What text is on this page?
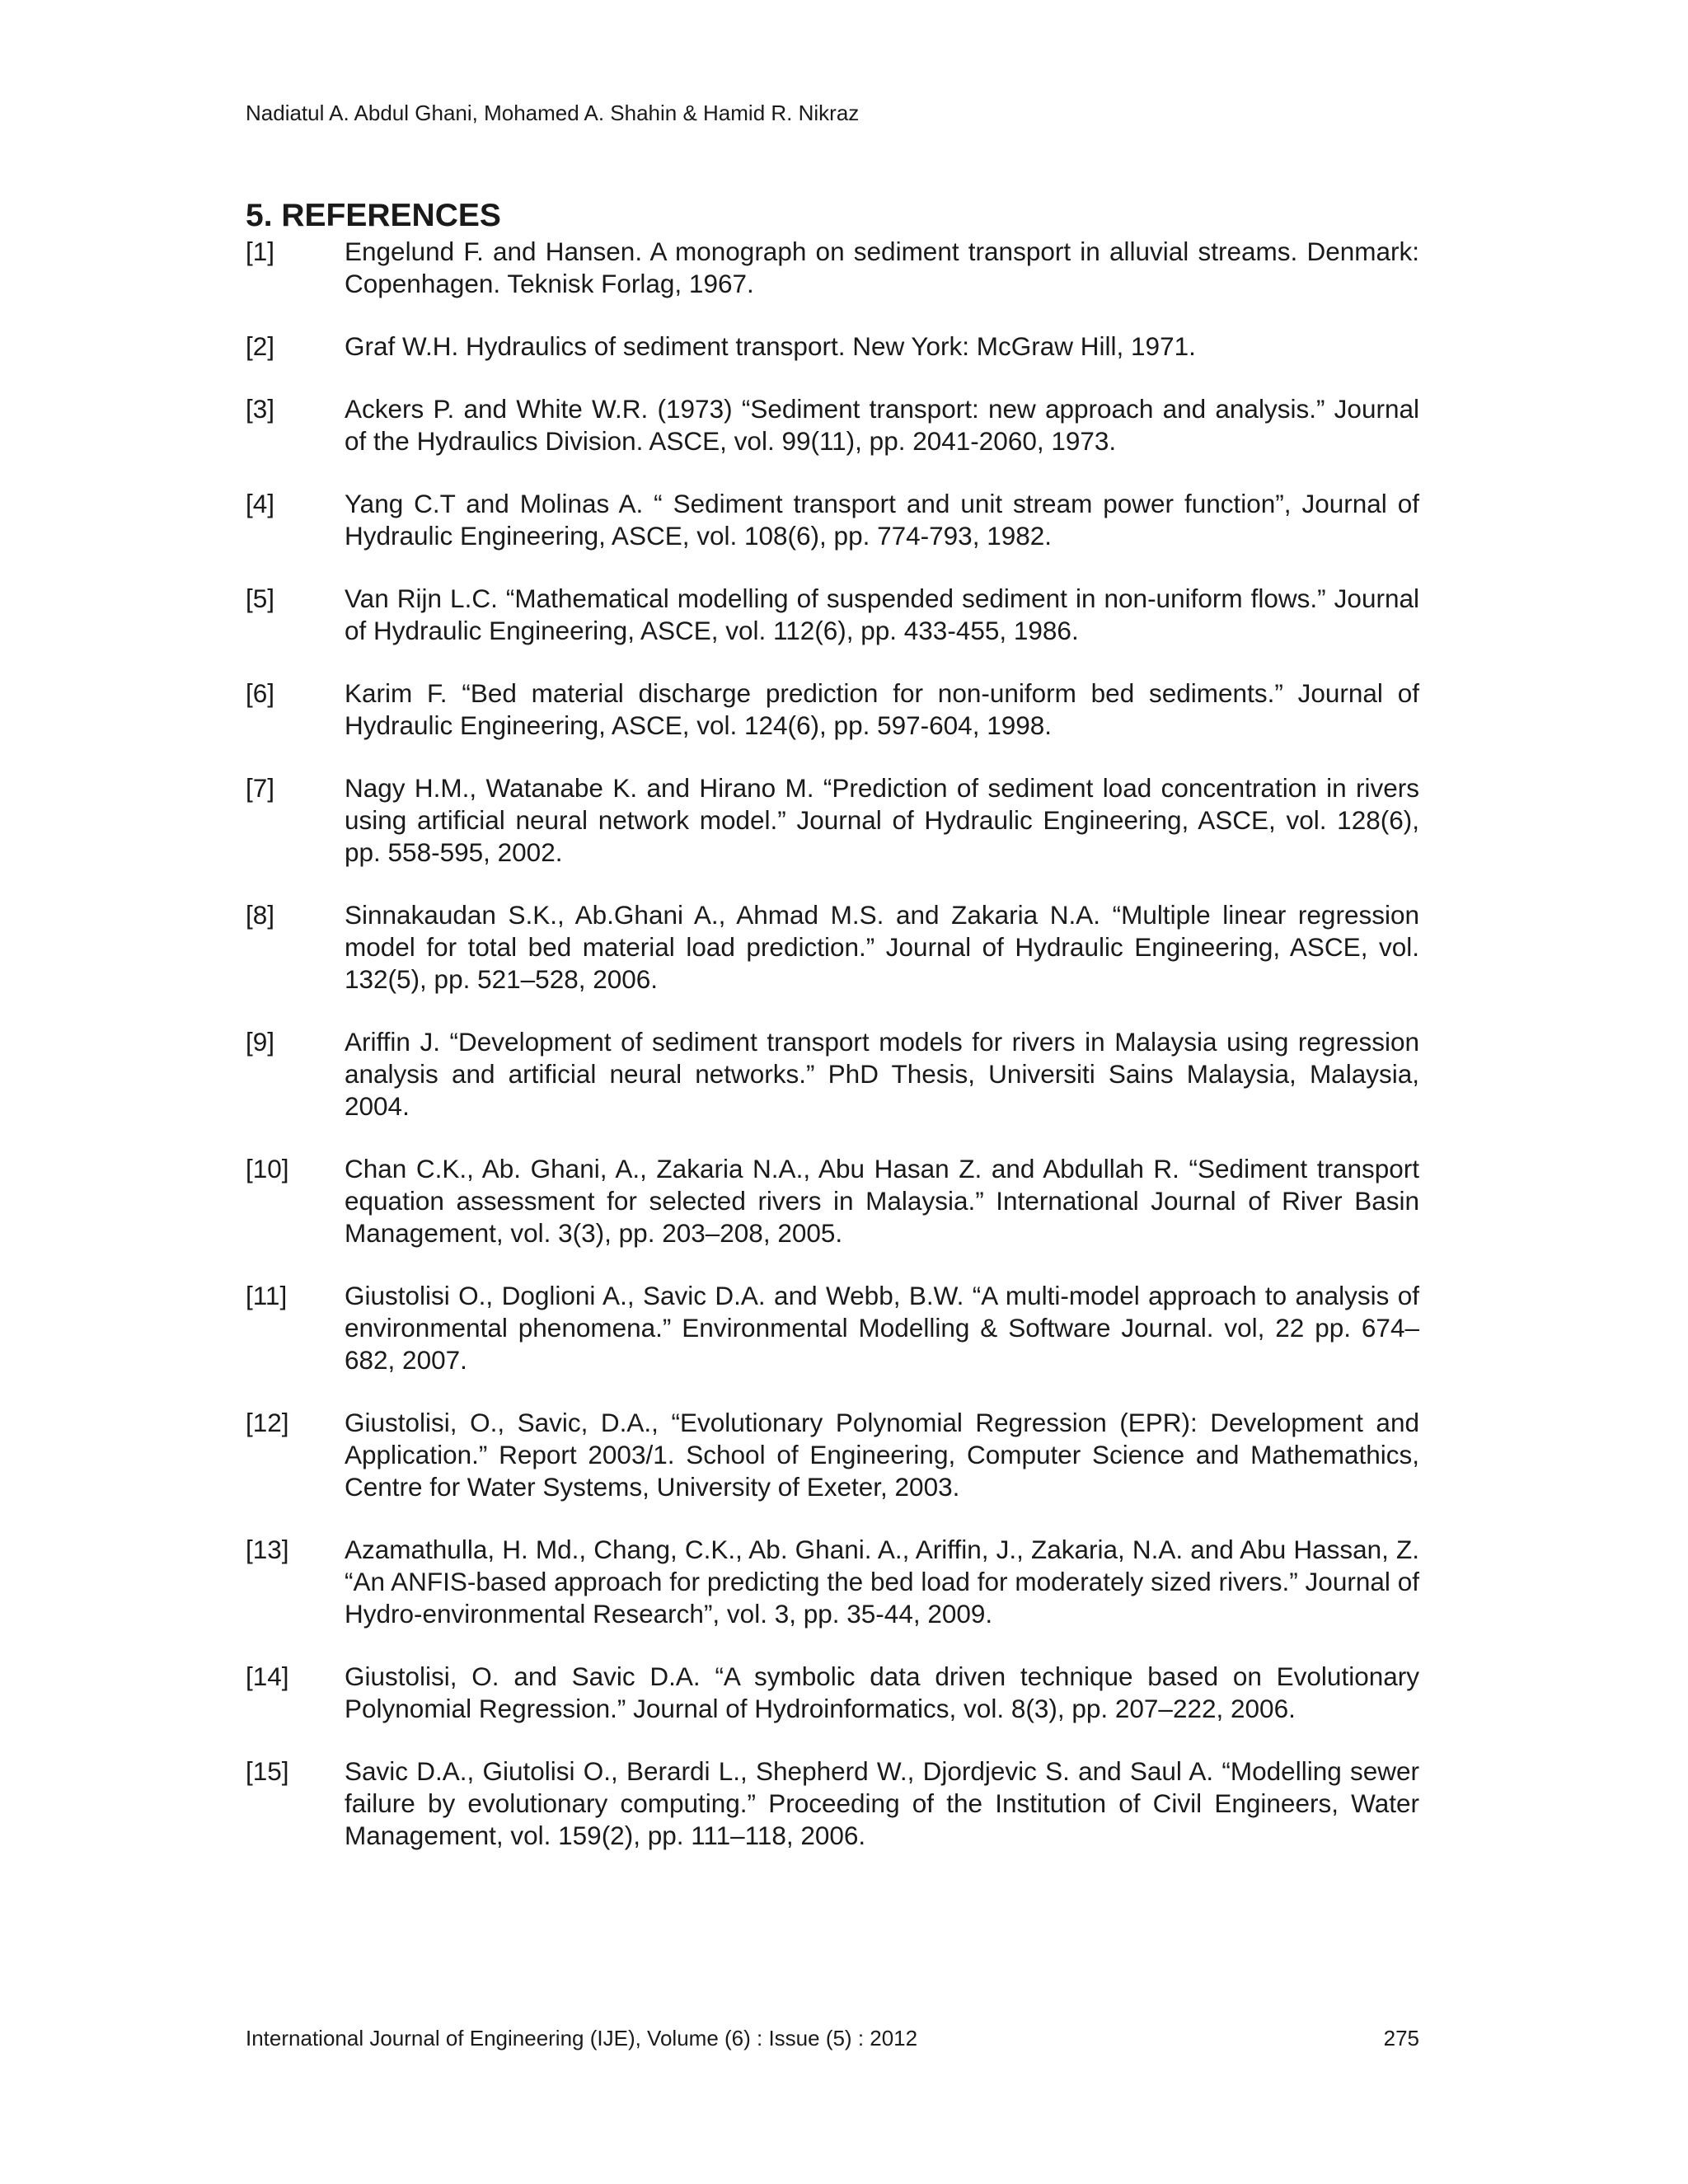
Nadiatul A. Abdul Ghani, Mohamed A. Shahin & Hamid R. Nikraz
5. REFERENCES
[1]	Engelund F. and Hansen. A monograph on sediment transport in alluvial streams. Denmark: Copenhagen. Teknisk Forlag, 1967.
[2]	Graf W.H. Hydraulics of sediment transport. New York: McGraw Hill, 1971.
[3]	Ackers P. and White W.R. (1973) “Sediment transport: new approach and analysis.” Journal of the Hydraulics Division. ASCE, vol. 99(11), pp. 2041-2060, 1973.
[4]	Yang C.T and Molinas A. “ Sediment transport and unit stream power function”, Journal of Hydraulic Engineering, ASCE, vol. 108(6), pp. 774-793, 1982.
[5]	Van Rijn L.C. “Mathematical modelling of suspended sediment in non-uniform flows.” Journal of Hydraulic Engineering, ASCE, vol. 112(6), pp. 433-455, 1986.
[6]	Karim F. “Bed material discharge prediction for non-uniform bed sediments.” Journal of Hydraulic Engineering, ASCE, vol. 124(6), pp. 597-604, 1998.
[7]	Nagy H.M., Watanabe K. and Hirano M. “Prediction of sediment load concentration in rivers using artificial neural network model.” Journal of Hydraulic Engineering, ASCE, vol. 128(6), pp. 558-595, 2002.
[8]	Sinnakaudan S.K., Ab.Ghani A., Ahmad M.S. and Zakaria N.A. “Multiple linear regression model for total bed material load prediction.” Journal of Hydraulic Engineering, ASCE, vol. 132(5), pp. 521–528, 2006.
[9]	Ariffin J. “Development of sediment transport models for rivers in Malaysia using regression analysis and artificial neural networks.” PhD Thesis, Universiti Sains Malaysia, Malaysia, 2004.
[10]	Chan C.K., Ab. Ghani, A., Zakaria N.A., Abu Hasan Z. and Abdullah R. “Sediment transport equation assessment for selected rivers in Malaysia.” International Journal of River Basin Management, vol. 3(3), pp. 203–208, 2005.
[11]	Giustolisi O., Doglioni A., Savic D.A. and Webb, B.W. “A multi-model approach to analysis of environmental phenomena.” Environmental Modelling & Software Journal. vol, 22 pp. 674–682, 2007.
[12]	Giustolisi, O., Savic, D.A., “Evolutionary Polynomial Regression (EPR): Development and Application.” Report 2003/1. School of Engineering, Computer Science and Mathemathics, Centre for Water Systems, University of Exeter, 2003.
[13]	Azamathulla, H. Md., Chang, C.K., Ab. Ghani. A., Ariffin, J., Zakaria, N.A. and Abu Hassan, Z. “An ANFIS-based approach for predicting the bed load for moderately sized rivers.” Journal of Hydro-environmental Research”, vol. 3, pp. 35-44, 2009.
[14]	Giustolisi, O. and Savic D.A. “A symbolic data driven technique based on Evolutionary Polynomial Regression.” Journal of Hydroinformatics, vol. 8(3), pp. 207–222, 2006.
[15]	Savic D.A., Giutolisi O., Berardi L., Shepherd W., Djordjevic S. and Saul A. “Modelling sewer failure by evolutionary computing.” Proceeding of the Institution of Civil Engineers, Water Management, vol. 159(2), pp. 111–118, 2006.
International Journal of Engineering (IJE), Volume (6) : Issue (5) : 2012	275
